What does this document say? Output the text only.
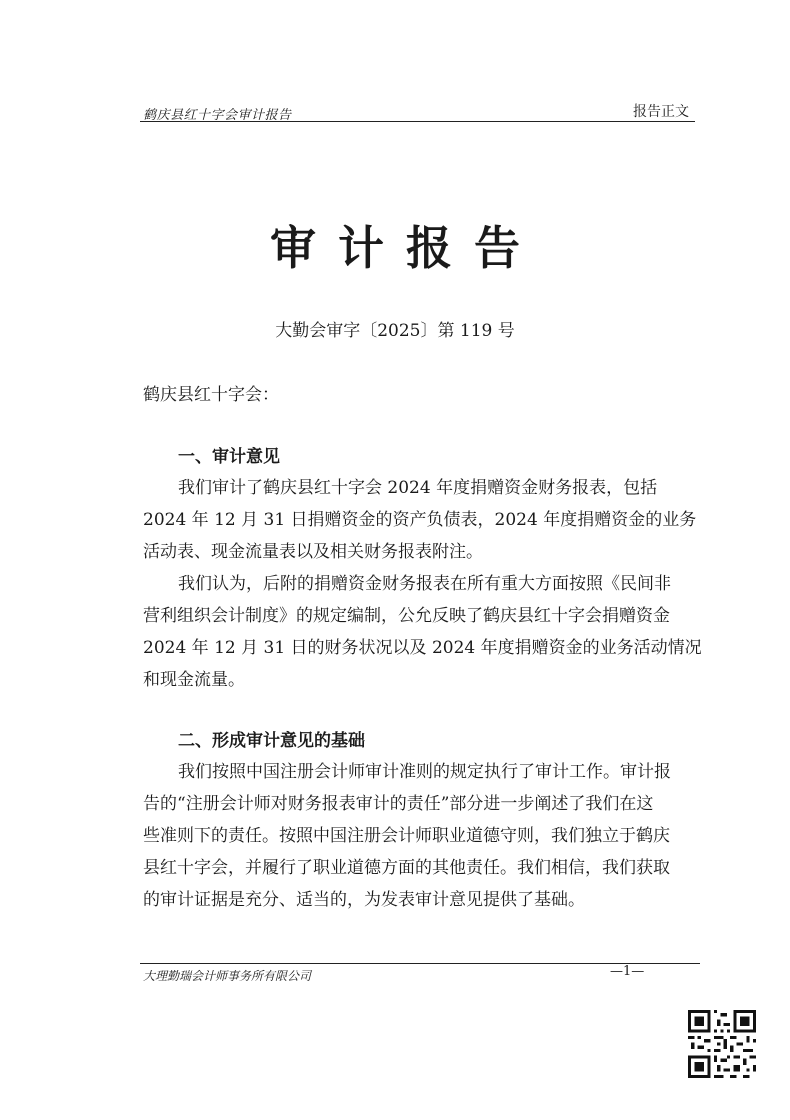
鹤庆县红十字会审计报告	报告正文
审计报告
大勤会审字〔2025〕第 119 号
鹤庆县红十字会：
一、审计意见
我们审计了鹤庆县红十字会 2024 年度捐赠资金财务报表，包括
2024 年 12 月 31 日捐赠资金的资产负债表，2024 年度捐赠资金的业务
活动表、现金流量表以及相关财务报表附注。
我们认为，后附的捐赠资金财务报表在所有重大方面按照《民间非
营利组织会计制度》的规定编制，公允反映了鹤庆县红十字会捐赠资金
2024 年 12 月 31 日的财务状况以及 2024 年度捐赠资金的业务活动情况
和现金流量。
二、形成审计意见的基础
我们按照中国注册会计师审计准则的规定执行了审计工作。审计报
告的“注册会计师对财务报表审计的责任”部分进一步阐述了我们在这
些准则下的责任。按照中国注册会计师职业道德守则，我们独立于鹤庆
县红十字会，并履行了职业道德方面的其他责任。我们相信，我们获取
的审计证据是充分、适当的，为发表审计意见提供了基础。
大理勤瑞会计师事务所有限公司	—1—
